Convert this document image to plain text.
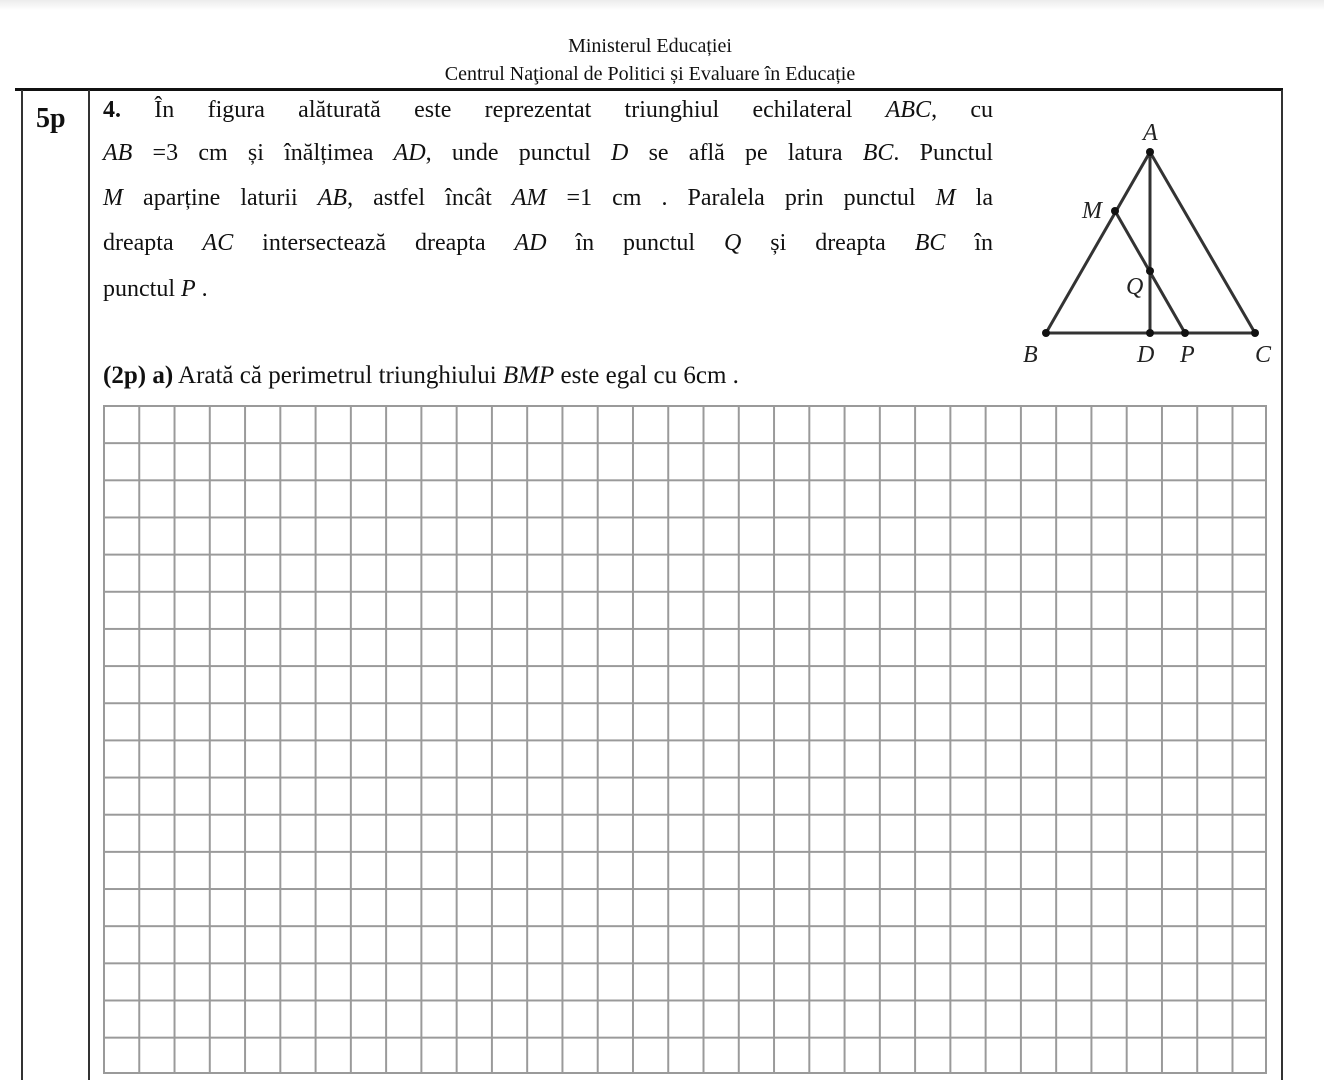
Ministerul Educației
Centrul Naţional de Politici și Evaluare în Educație
5p 4. În figura alăturată este reprezentat triunghiul echilateral ABC, cu
AB =3 cm și înălțimea AD, unde punctul D se află pe latura BC. Punctul
M aparține laturii AB, astfel încât AM =1 cm . Paralela prin punctul M la
dreapta AC intersectează dreapta AD în punctul Q și dreapta BC în
punctul P .
(2p) a) Arată că perimetrul triunghiului BMP este egal cu 6cm .
A
M
Q
B	D P	C
